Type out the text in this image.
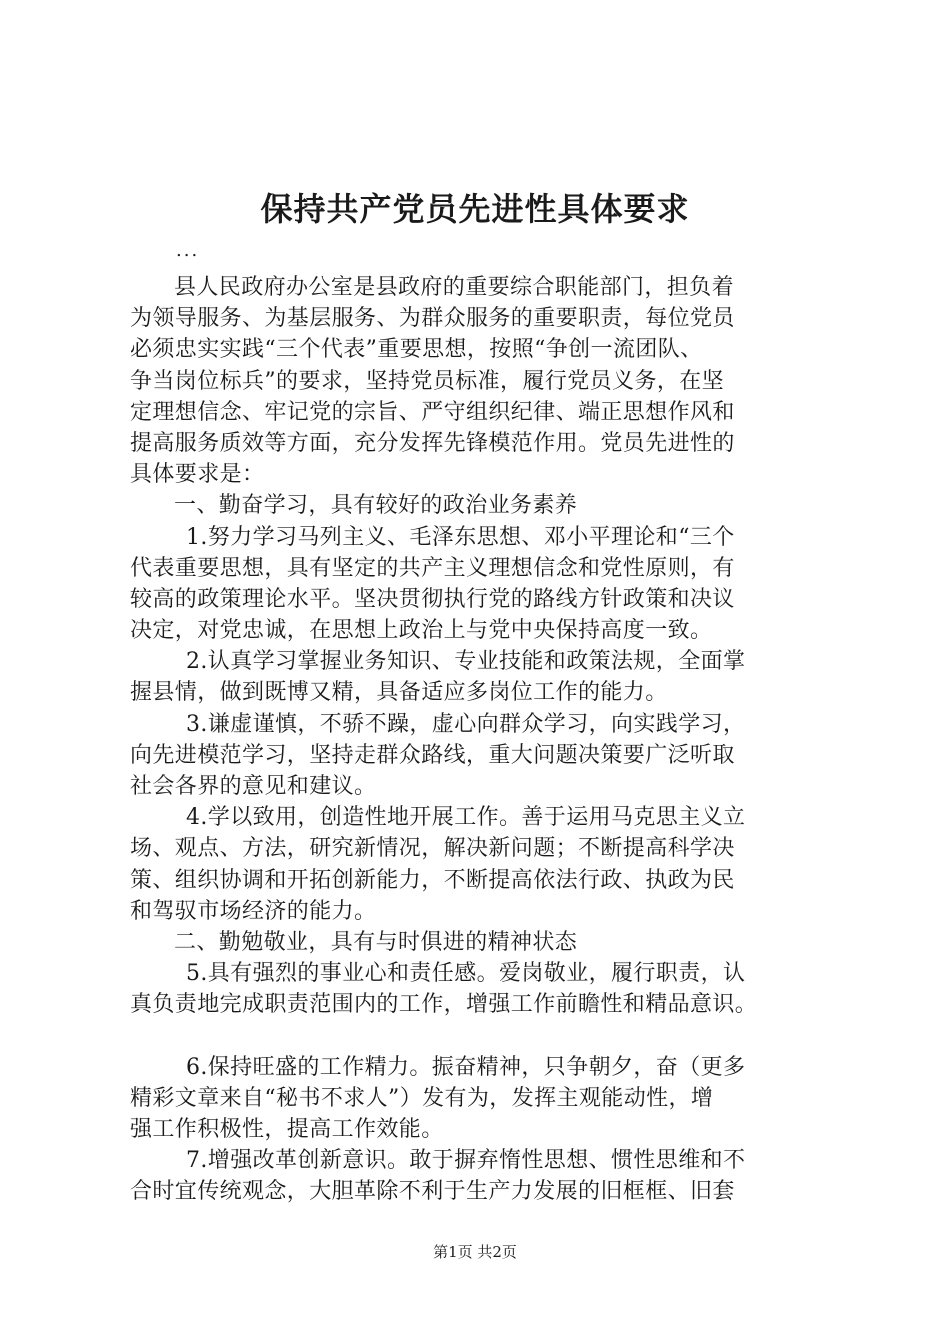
保持共产党员先进性具体要求
...
县人民政府办公室是县政府的重要综合职能部门，担负着
为领导服务、为基层服务、为群众服务的重要职责，每位党员
必须忠实实践“三个代表”重要思想，按照“争创一流团队、
争当岗位标兵”的要求，坚持党员标准，履行党员义务，在坚
定理想信念、牢记党的宗旨、严守组织纪律、端正思想作风和
提高服务质效等方面，充分发挥先锋模范作用。党员先进性的
具体要求是：
一、勤奋学习，具有较好的政治业务素养
1.努力学习马列主义、毛泽东思想、邓小平理论和“三个
代表重要思想，具有坚定的共产主义理想信念和党性原则，有
较高的政策理论水平。坚决贯彻执行党的路线方针政策和决议
决定，对党忠诚，在思想上政治上与党中央保持高度一致。
2.认真学习掌握业务知识、专业技能和政策法规，全面掌
握县情，做到既博又精，具备适应多岗位工作的能力。
3.谦虚谨慎，不骄不躁，虚心向群众学习，向实践学习，
向先进模范学习，坚持走群众路线，重大问题决策要广泛听取
社会各界的意见和建议。
4.学以致用，创造性地开展工作。善于运用马克思主义立
场、观点、方法，研究新情况，解决新问题；不断提高科学决
策、组织协调和开拓创新能力，不断提高依法行政、执政为民
和驾驭市场经济的能力。
二、勤勉敬业，具有与时俱进的精神状态
5.具有强烈的事业心和责任感。爱岗敬业，履行职责，认
真负责地完成职责范围内的工作，增强工作前瞻性和精品意识。
6.保持旺盛的工作精力。振奋精神，只争朝夕，奋（更多
精彩文章来自“秘书不求人”）发有为，发挥主观能动性，增
强工作积极性，提高工作效能。
7.增强改革创新意识。敢于摒弃惰性思想、惯性思维和不
合时宜传统观念，大胆革除不利于生产力发展的旧框框、旧套
第1页 共2页
